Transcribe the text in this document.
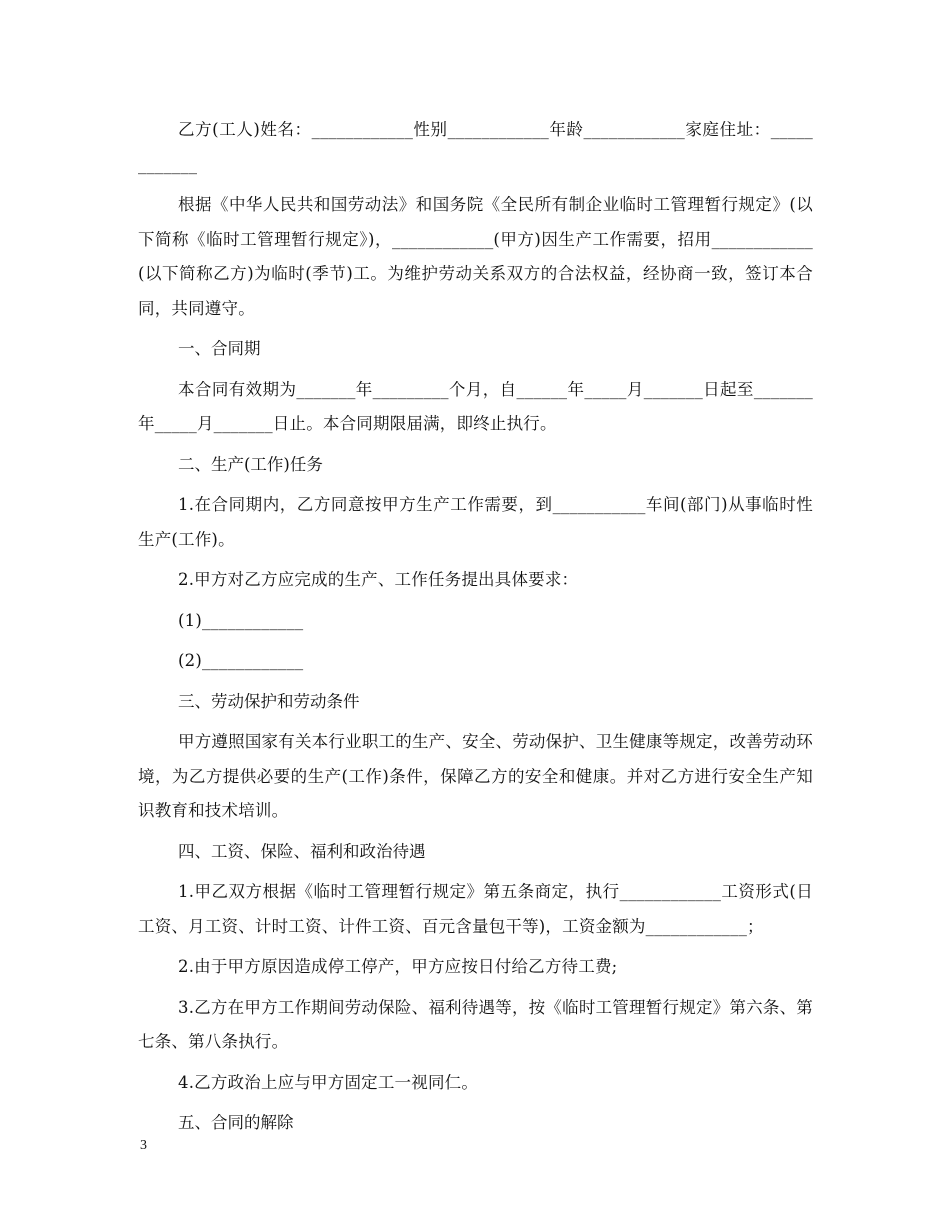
乙方(工人)姓名：____________性别____________年龄____________家庭住址：____________

根据《中华人民共和国劳动法》和国务院《全民所有制企业临时工管理暂行规定》(以下简称《临时工管理暂行规定》)，____________(甲方)因生产工作需要，招用____________(以下简称乙方)为临时(季节)工。为维护劳动关系双方的合法权益，经协商一致，签订本合同，共同遵守。

一、合同期

本合同有效期为_______年_________个月，自______年_____月_______日起至_______年_____月_______日止。本合同期限届满，即终止执行。

二、生产(工作)任务

1.在合同期内，乙方同意按甲方生产工作需要，到___________车间(部门)从事临时性生产(工作)。

2.甲方对乙方应完成的生产、工作任务提出具体要求：

(1)____________

(2)____________

三、劳动保护和劳动条件

甲方遵照国家有关本行业职工的生产、安全、劳动保护、卫生健康等规定，改善劳动环境，为乙方提供必要的生产(工作)条件，保障乙方的安全和健康。并对乙方进行安全生产知识教育和技术培训。

四、工资、保险、福利和政治待遇

1.甲乙双方根据《临时工管理暂行规定》第五条商定，执行____________工资形式(日工资、月工资、计时工资、计件工资、百元含量包干等)，工资金额为____________；

2.由于甲方原因造成停工停产，甲方应按日付给乙方待工费;

3.乙方在甲方工作期间劳动保险、福利待遇等，按《临时工管理暂行规定》第六条、第七条、第八条执行。

4.乙方政治上应与甲方固定工一视同仁。

五、合同的解除

3
